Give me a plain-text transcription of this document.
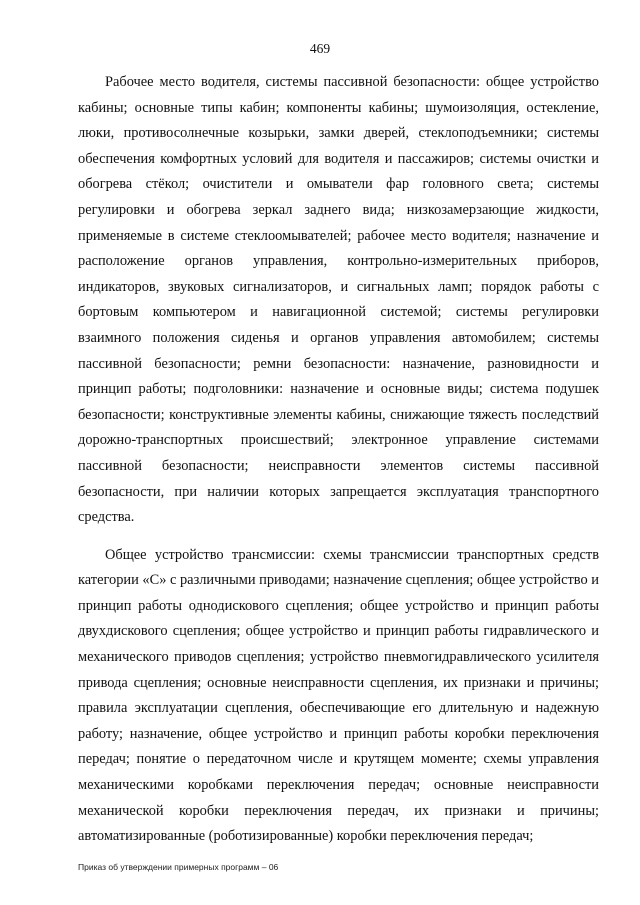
469
Рабочее место водителя, системы пассивной безопасности: общее устройство
кабины; основные типы кабин; компоненты кабины; шумоизоляция, остекление,
люки, противосолнечные козырьки, замки дверей, стеклоподъемники; системы
обеспечения комфортных условий для водителя и пассажиров; системы очистки и
обогрева стёкол; очистители и омыватели фар головного света; системы
регулировки и обогрева зеркал заднего вида; низкозамерзающие жидкости,
применяемые в системе стеклоомывателей; рабочее место водителя; назначение и
расположение органов управления, контрольно-измерительных приборов,
индикаторов, звуковых сигнализаторов, и сигнальных ламп; порядок работы с
бортовым компьютером и навигационной системой; системы регулировки
взаимного положения сиденья и органов управления автомобилем; системы
пассивной безопасности; ремни безопасности: назначение, разновидности и
принцип работы; подголовники: назначение и основные виды; система подушек
безопасности; конструктивные элементы кабины, снижающие тяжесть последствий
дорожно-транспортных происшествий; электронное управление системами
пассивной безопасности; неисправности элементов системы пассивной
безопасности, при наличии которых запрещается эксплуатация транспортного
средства.
Общее устройство трансмиссии: схемы трансмиссии транспортных средств
категории «С» с различными приводами; назначение сцепления; общее устройство и
принцип работы однодискового сцепления; общее устройство и принцип работы
двухдискового сцепления; общее устройство и принцип работы гидравлического и
механического приводов сцепления; устройство пневмогидравлического усилителя
привода сцепления; основные неисправности сцепления, их признаки и причины;
правила эксплуатации сцепления, обеспечивающие его длительную и надежную
работу; назначение, общее устройство и принцип работы коробки переключения
передач; понятие о передаточном числе и крутящем моменте; схемы управления
механическими коробками переключения передач; основные неисправности
механической коробки переключения передач, их признаки и причины;
автоматизированные (роботизированные) коробки переключения передач;
Приказ об утверждении примерных программ – 06
